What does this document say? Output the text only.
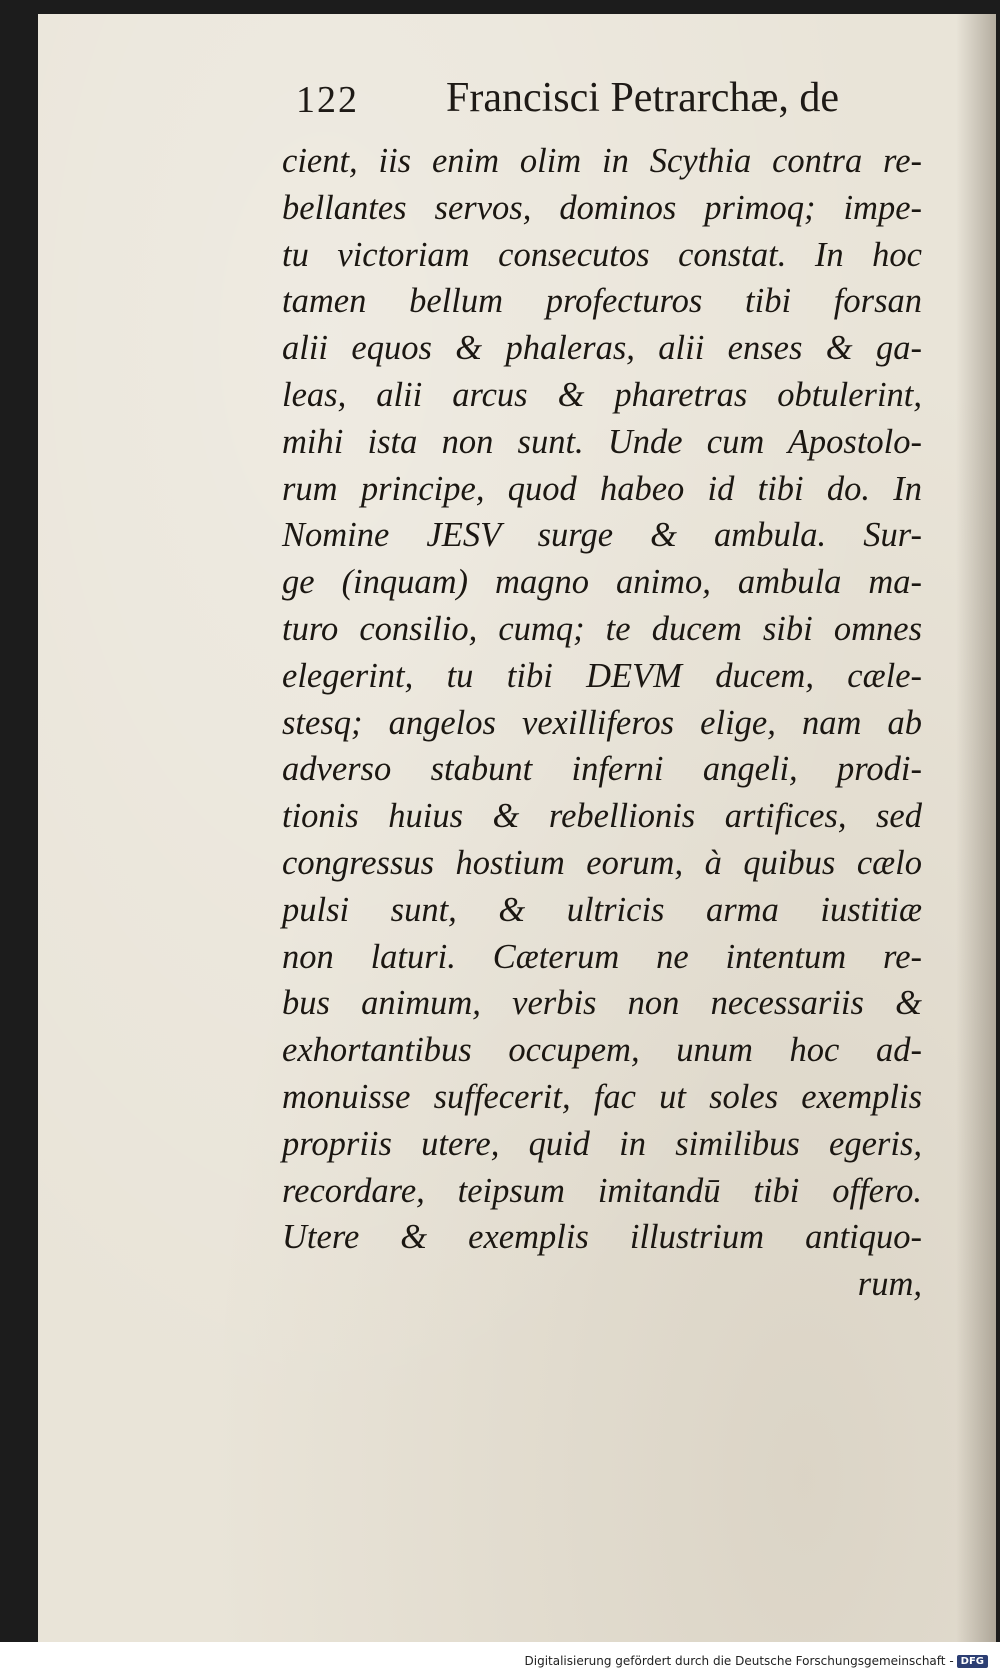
122 Francisci Petrarchæ, de
cient, iis enim olim in Scythia contra re-
bellantes servos, dominos primoq; impe-
tu victoriam consecutos constat. In hoc
tamen bellum profecturos tibi forsan
alii equos & phaleras, alii enses & ga-
leas, alii arcus & pharetras obtulerint,
mihi ista non sunt. Unde cum Apostolo-
rum principe, quod habeo id tibi do. In
Nomine JESV surge & ambula. Sur-
ge (inquam) magno animo, ambula ma-
turo consilio, cumq; te ducem sibi omnes
elegerint, tu tibi DEVM ducem, cæle-
stesq; angelos vexilliferos elige, nam ab
adverso stabunt inferni angeli, prodi-
tionis huius & rebellionis artifices, sed
congressus hostium eorum, à quibus cælo
pulsi sunt, & ultricis arma iustitiæ
non laturi. Cæterum ne intentum re-
bus animum, verbis non necessariis &
exhortantibus occupem, unum hoc ad-
monuisse suffecerit, fac ut soles exemplis
propriis utere, quid in similibus egeris,
recordare, teipsum imitandū tibi offero.
Utere & exemplis illustrium antiquo-
rum,
Digitalisierung gefördert durch die Deutsche Forschungsgemeinschaft - DFG
